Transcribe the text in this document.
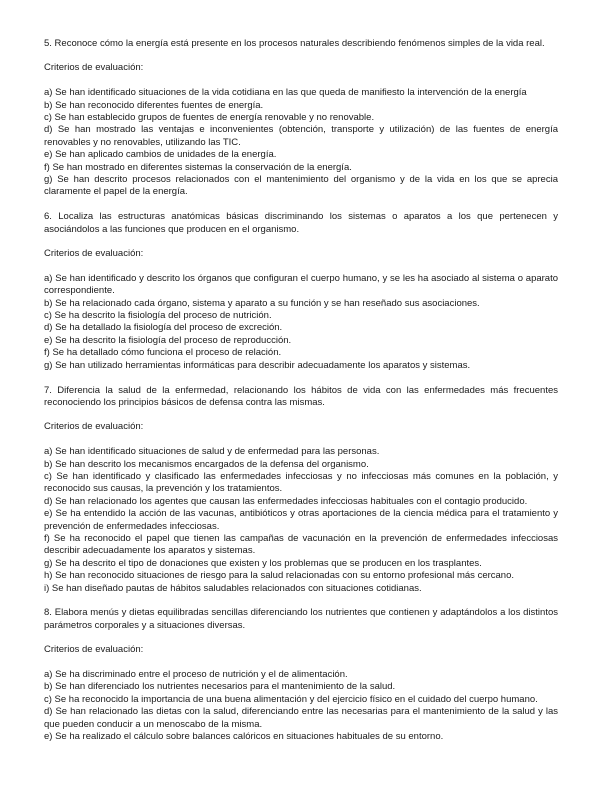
5. Reconoce cómo la energía está presente en los procesos naturales describiendo fenómenos simples de la vida real.

Criterios de evaluación:

a) Se han identificado situaciones de la vida cotidiana en las que queda de manifiesto la intervención de la energía

b) Se han reconocido diferentes fuentes de energía.

c) Se han establecido grupos de fuentes de energía renovable y no renovable.

d) Se han mostrado las ventajas e inconvenientes (obtención, transporte y utilización) de las fuentes de energía renovables y no renovables, utilizando las TIC.

e) Se han aplicado cambios de unidades de la energía.

f) Se han mostrado en diferentes sistemas la conservación de la energía.

g) Se han descrito procesos relacionados con el mantenimiento del organismo y de la vida en los que se aprecia claramente el papel de la energía.

6. Localiza las estructuras anatómicas básicas discriminando los sistemas o aparatos a los que pertenecen y asociándolos a las funciones que producen en el organismo.

Criterios de evaluación:

a) Se han identificado y descrito los órganos que configuran el cuerpo humano, y se les ha asociado al sistema o aparato correspondiente.

b) Se ha relacionado cada órgano, sistema y aparato a su función y se han reseñado sus asociaciones.

c) Se ha descrito la fisiología del proceso de nutrición.

d) Se ha detallado la fisiología del proceso de excreción.

e) Se ha descrito la fisiología del proceso de reproducción.

f) Se ha detallado cómo funciona el proceso de relación.

g) Se han utilizado herramientas informáticas para describir adecuadamente los aparatos y sistemas.

7. Diferencia la salud de la enfermedad, relacionando los hábitos de vida con las enfermedades más frecuentes reconociendo los principios básicos de defensa contra las mismas.

Criterios de evaluación:

a) Se han identificado situaciones de salud y de enfermedad para las personas.

b) Se han descrito los mecanismos encargados de la defensa del organismo.

c) Se han identificado y clasificado las enfermedades infecciosas y no infecciosas más comunes en la población, y reconocido sus causas, la prevención y los tratamientos.

d) Se han relacionado los agentes que causan las enfermedades infecciosas habituales con el contagio producido.

e) Se ha entendido la acción de las vacunas, antibióticos y otras aportaciones de la ciencia médica para el tratamiento y prevención de enfermedades infecciosas.

f) Se ha reconocido el papel que tienen las campañas de vacunación en la prevención de enfermedades infecciosas describir adecuadamente los aparatos y sistemas.

g) Se ha descrito el tipo de donaciones que existen y los problemas que se producen en los trasplantes.

h) Se han reconocido situaciones de riesgo para la salud relacionadas con su entorno profesional más cercano.

i) Se han diseñado pautas de hábitos saludables relacionados con situaciones cotidianas.

8. Elabora menús y dietas equilibradas sencillas diferenciando los nutrientes que contienen y adaptándolos a los distintos parámetros corporales y a situaciones diversas.

Criterios de evaluación:

a) Se ha discriminado entre el proceso de nutrición y el de alimentación.

b) Se han diferenciado los nutrientes necesarios para el mantenimiento de la salud.

c) Se ha reconocido la importancia de una buena alimentación y del ejercicio físico en el cuidado del cuerpo humano.

d) Se han relacionado las dietas con la salud, diferenciando entre las necesarias para el mantenimiento de la salud y las que pueden conducir a un menoscabo de la misma.

e) Se ha realizado el cálculo sobre balances calóricos en situaciones habituales de su entorno.
